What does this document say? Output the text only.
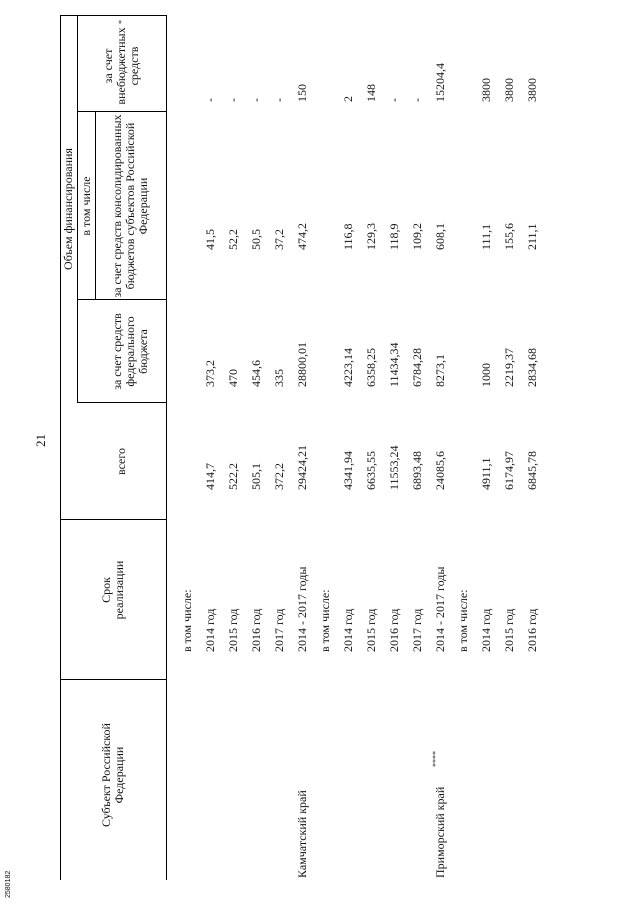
21
Субъект Российской Федерации
Срок реализации
Объем финансирования
всего
в том числе
за счет средств федерального бюджета
за счет средств консолидированных бюджетов субъектов Российской Федерации
за счет внебюджетных средств
*
в том числе: 2014 год
414,7
373,2
41,5
-
2015 год
522,2
470
52,2
-
2016 год
505,1
454,6
50,5
-
2017 год
372,2
335
37,2
-
Камчатский край
2014 - 2017 годы
29424,21
28800,01
474,2
150
в том числе: 2014 год
4341,94
4223,14
116,8
2
2015 год
6635,55
6358,25
129,3
148
2016 год
11553,24
11434,34
118,9
-
2017 год
6893,48
6784,28
109,2
-
Приморский край
****
2014 - 2017 годы
24085,6
8273,1
608,1
15204,4
в том числе: 2014 год
4911,1
1000
111,1
3800
2015 год
6174,97
2219,37
155,6
3800
2016 год
6845,78
2834,68
211,1
3800
2580182
